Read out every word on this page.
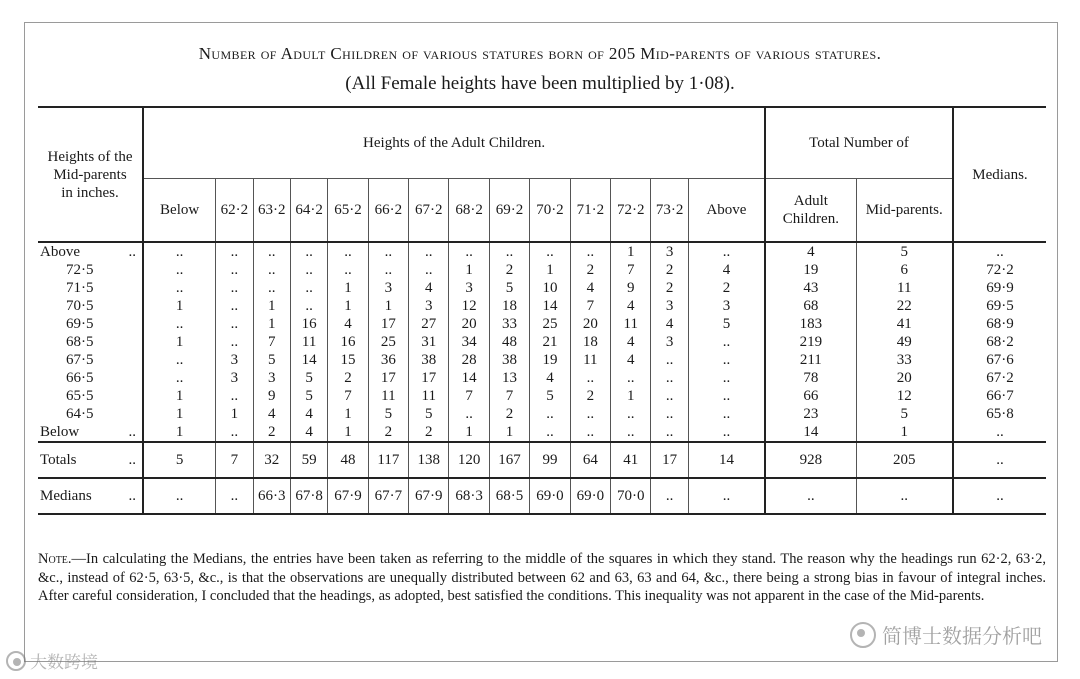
Number of Adult Children of various statures born of 205 Mid-parents of various statures.
(All Female heights have been multiplied by 1·08).
Heights of the Mid-parents in inches.	Heights of the Adult Children.														Total Number of		Medians.
	Below	62·2	63·2	64·2	65·2	66·2	67·2	68·2	69·2	70·2	71·2	72·2	73·2	Above	Adult Children.	Mid-parents.	
Above ..	..	..	..	..	..	..	..	..	..	..	..	1	3	..	4	5	..
72·5	..	..	..	..	..	..	..	1	2	1	2	7	2	4	19	6	72·2
71·5	..	..	..	..	1	3	4	3	5	10	4	9	2	2	43	11	69·9
70·5	1	..	1	..	1	1	3	12	18	14	7	4	3	3	68	22	69·5
69·5	..	..	1	16	4	17	27	20	33	25	20	11	4	5	183	41	68·9
68·5	1	..	7	11	16	25	31	34	48	21	18	4	3	..	219	49	68·2
67·5	..	3	5	14	15	36	38	28	38	19	11	4	..	..	211	33	67·6
66·5	..	3	3	5	2	17	17	14	13	4	..	..	..	..	78	20	67·2
65·5	1	..	9	5	7	11	11	7	7	5	2	1	..	..	66	12	66·7
64·5	1	1	4	4	1	5	5	..	2	..	..	..	..	..	23	5	65·8
Below ..	1	..	2	4	1	2	2	1	1	..	..	..	..	..	14	1	..
Totals ..	5	7	32	59	48	117	138	120	167	99	64	41	17	14	928	205	..
Medians ..	..	..	66·3	67·8	67·9	67·7	67·9	68·3	68·5	69·0	69·0	70·0	..	..	..	..	..
Note.—In calculating the Medians, the entries have been taken as referring to the middle of the squares in which they stand. The reason why the headings run 62·2, 63·2, &c., instead of 62·5, 63·5, &c., is that the observations are unequally distributed between 62 and 63, 63 and 64, &c., there being a strong bias in favour of integral inches. After careful consideration, I concluded that the headings, as adopted, best satisfied the conditions. This inequality was not apparent in the case of the Mid-parents.
简博士数据分析吧
大数跨境
